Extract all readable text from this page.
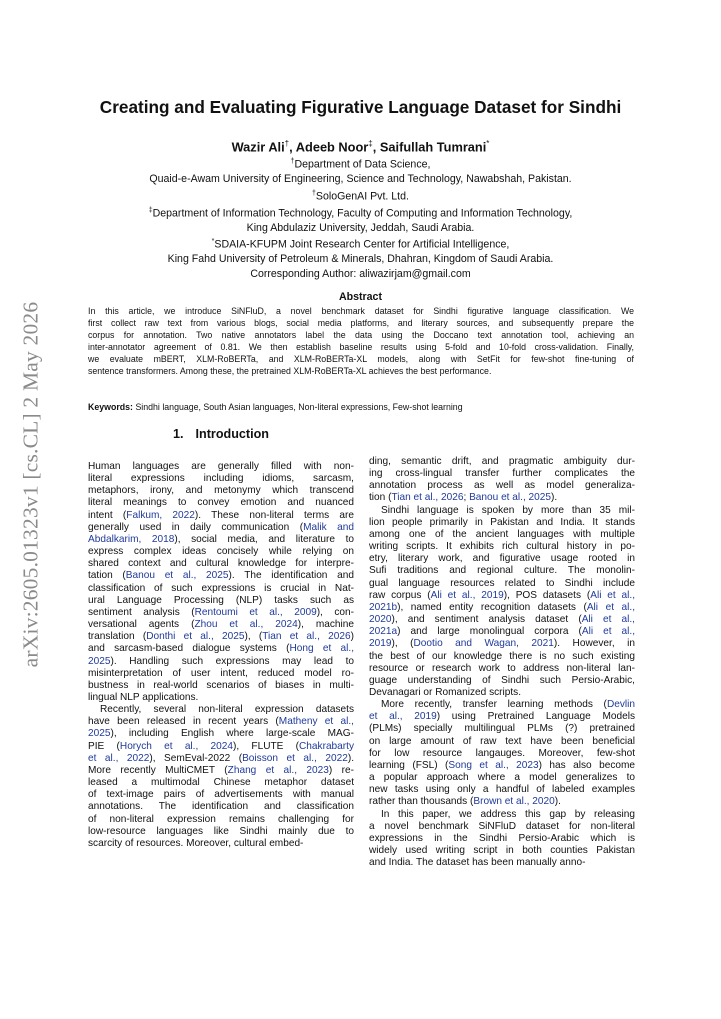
arXiv:2605.01323v1 [cs.CL] 2 May 2026
Creating and Evaluating Figurative Language Dataset for Sindhi
Wazir Ali†, Adeeb Noor‡, Saifullah Tumrani*
†Department of Data Science,
Quaid-e-Awam University of Engineering, Science and Technology, Nawabshah, Pakistan.
†SoloGenAI Pvt. Ltd.
‡Department of Information Technology, Faculty of Computing and Information Technology,
King Abdulaziz University, Jeddah, Saudi Arabia.
*SDAIA-KFUPM Joint Research Center for Artificial Intelligence,
King Fahd University of Petroleum & Minerals, Dhahran, Kingdom of Saudi Arabia.
Corresponding Author: aliwazirjam@gmail.com
Abstract
In this article, we introduce SiNFluD, a novel benchmark dataset for Sindhi figurative language classification. We
first collect raw text from various blogs, social media platforms, and literary sources, and subsequently prepare the
corpus for annotation. Two native annotators label the data using the Doccano text annotation tool, achieving an
inter-annotator agreement of 0.81. We then establish baseline results using 5-fold and 10-fold cross-validation. Finally,
we evaluate mBERT, XLM-RoBERTa, and XLM-RoBERTa-XL models, along with SetFit for few-shot fine-tuning of
sentence transformers. Among these, the pretrained XLM-RoBERTa-XL achieves the best performance.
Keywords: Sindhi language, South Asian languages, Non-literal expressions, Few-shot learning
1. Introduction
Human languages are generally filled with non-
literal expressions including idioms, sarcasm,
metaphors, irony, and metonymy which transcend
literal meanings to convey emotion and nuanced
intent (Falkum, 2022). These non-literal terms are
generally used in daily communication (Malik and
Abdalkarim, 2018), social media, and literature to
express complex ideas concisely while relying on
shared context and cultural knowledge for interpre-
tation (Banou et al., 2025). The identification and
classification of such expressions is crucial in Nat-
ural Language Processing (NLP) tasks such as
sentiment analysis (Rentoumi et al., 2009), con-
versational agents (Zhou et al., 2024), machine
translation (Donthi et al., 2025), (Tian et al., 2026)
and sarcasm-based dialogue systems (Hong et al.,
2025). Handling such expressions may lead to
misinterpretation of user intent, reduced model ro-
bustness in real-world scenarios of biases in multi-
lingual NLP applications.
Recently, several non-literal expression datasets
have been released in recent years (Matheny et al.,
2025), including English where large-scale MAG-
PIE (Horych et al., 2024), FLUTE (Chakrabarty
et al., 2022), SemEval-2022 (Boisson et al., 2022).
More recently MultiCMET (Zhang et al., 2023) re-
leased a multimodal Chinese metaphor dataset
of text-image pairs of advertisements with manual
annotations. The identification and classification
of non-literal expression remains challenging for
low-resource languages like Sindhi mainly due to
scarcity of resources. Moreover, cultural embed-
ding, semantic drift, and pragmatic ambiguity dur-
ing cross-lingual transfer further complicates the
annotation process as well as model generaliza-
tion (Tian et al., 2026; Banou et al., 2025).
Sindhi language is spoken by more than 35 mil-
lion people primarily in Pakistan and India. It stands
among one of the ancient languages with multiple
writing scripts. It exhibits rich cultural history in po-
etry, literary work, and figurative usage rooted in
Sufi traditions and regional culture. The monolin-
gual language resources related to Sindhi include
raw corpus (Ali et al., 2019), POS datasets (Ali et al.,
2021b), named entity recognition datasets (Ali et al.,
2020), and sentiment analysis dataset (Ali et al.,
2021a) and large monolingual corpora (Ali et al.,
2019), (Dootio and Wagan, 2021). However, in
the best of our knowledge there is no such existing
resource or research work to address non-literal lan-
guage understanding of Sindhi such Persio-Arabic,
Devanagari or Romanized scripts.
More recently, transfer learning methods (Devlin
et al., 2019) using Pretrained Language Models
(PLMs) specially multilingual PLMs (?) pretrained
on large amount of raw text have been beneficial
for low resource langauges. Moreover, few-shot
learning (FSL) (Song et al., 2023) has also become
a popular approach where a model generalizes to
new tasks using only a handful of labeled examples
rather than thousands (Brown et al., 2020).
In this paper, we address this gap by releasing
a novel benchmark SiNFluD dataset for non-literal
expressions in the Sindhi Persio-Arabic which is
widely used writing script in both counties Pakistan
and India. The dataset has been manually anno-
